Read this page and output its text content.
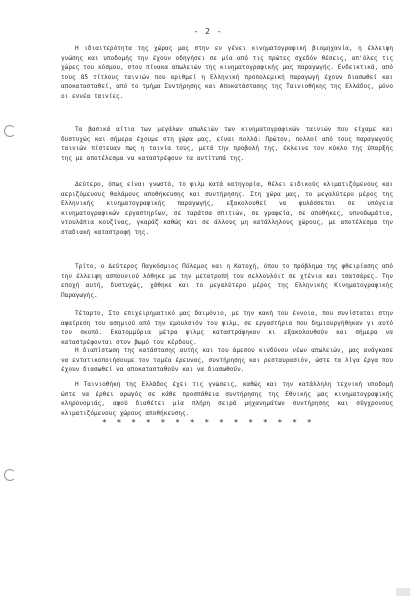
- 2 -

Η ιδιαιτερότητα της χώρας μας στην εν γένει κινηματογραφική βιομηχανία, η έλλειψη γνώσης και υποδομής την έχουν οδηγήσει σε μία από τις πρώτες σχεδόν θέσεις, απ'όλες τις χώρες του κόσμου, στον πίνακα απωλειών της κινηματογραφικής μας παραγωγής. Ενδεικτικά, από τους 85 τίτλους ταινιών που αριθμεί η Ελληνική προπολεμική παραγωγή έχουν διασωθεί και αποκατασταθεί, από το τμήμα Συντήρησης και Αποκατάστασης της Ταινιοθήκης της Ελλάδος, μόνο οι εννέα ταινίες.

Τα βασικά αίτια των μεγάλων απωλειών των κινηματογραφικών ταινιών που είχαμε και δυστυχώς και σήμερα έχουμε στη χώρα μας, είναι πολλά: Πρώτον, πολλοί από τους παραγωγούς ταινιών πίστευαν πως η ταινία τους, μετά την προβολή της, έκλεινε τον κύκλο της ύπαρξής της με αποτέλεσμα να καταστρέφουν τα αντίτυπά της.

Δεύτερο, όπως είναι γνωστό, το φιλμ κατά κατηγορία, θέλει ειδικούς κλιματιζόμενους και αεριζόμενους θαλάμους αποθήκευσης και συντήρησης. Στη χώρα μας, το μεγαλύτερο μέρος της Ελληνικής κινηματογραφικής παραγωγής, εξακολουθεί να φυλάσσεται σε υπόγεια κινηματογραφικών εργαστηρίων, σε ταράτσα σπιτιών, σε γραφεία, σε αποθήκες, υπνοδωμάτια, ντουλάπια κουζίνας, γκαράζ καθώς και σε άλλους μη κατάλληλους χώρους, με αποτέλεσμα την σταδιακή καταστροφή της.

Τρίτο, ο Δεύτερος Παγκόσμιος Πόλεμος και η Κατοχή, όπου το πρόβλημα της φθειρίασης από την έλλειψη ασπουνιού λόθηκε με την μετατροπή του σελλουλόιτ σε χτένια και τσατσάρες. Την εποχή αυτή, δυστυχώς, χάθηκε και το μεγαλύτερο μέρος της Ελληνικής Κινηματογραφικής Παραγωγής.

Τέταρτο, Στο επιχειρηματικό μας δαιμόνιο, με την κακή του έννοια, που συνίσταται στην αφαίρεση του ασημιού από την εμουλσιόν του φιλμ, σε εργαστήρια που δημιουργήθηκαν γι αυτό τον σκοπό. Εκατομμύρια μέτρα φιλμς καταστράφηκαν κι εξακολουθούν και σήμερα να καταστρέφονται στον βωμό του κέρδους.

Η διαπίστωση της κατάστασης αυτής και του άμεσου κινδύνου νέων απωλειών, μας ανάγκασε να εντατικοποιήσουμε τον τομέα έρευνας, συντήρησης και ρεσταυρασιόν, ώστε τα λίγα έργα που έχουν διασωθεί να αποκατασταθούν και να διασωθούν.

Η Ταινιοθήκη της Ελλάδος έχει τις γνώσεις, καθώς και την κατάλληλη τεχνική υποδομή ώστε να έρθει αρωγός σε κάθε προσπάθεια συντήρησης της Εθνικής μας κινηματογραφικής κληρονομιάς, αφού διαθέτει μία πλήρη σειρά μηχανημάτων συντήρησης και σύγχρονους κλιματιζόμενους χώρους αποθήκευσης.

* * * * * * * * * * * * * * *
